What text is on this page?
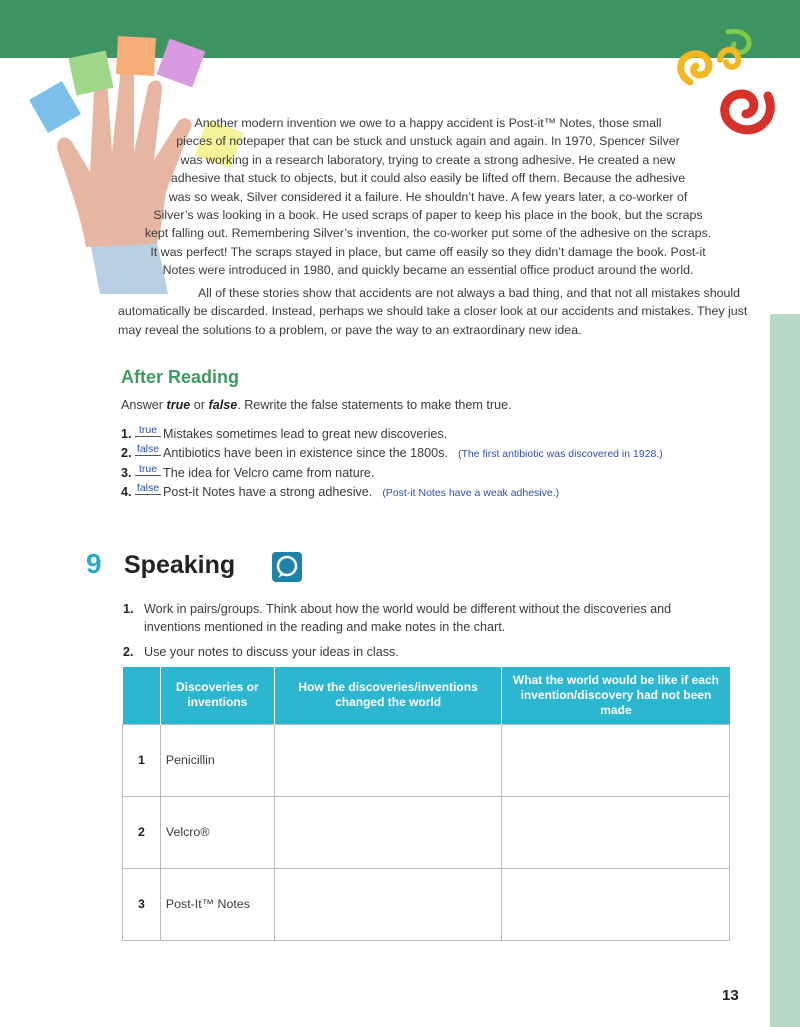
Another modern invention we owe to a happy accident is Post-it™ Notes, those small
pieces of notepaper that can be stuck and unstuck again and again. In 1970, Spencer Silver
was working in a research laboratory, trying to create a strong adhesive. He created a new
adhesive that stuck to objects, but it could also easily be lifted off them. Because the adhesive
was so weak, Silver considered it a failure. He shouldn’t have. A few years later, a co-worker of
Silver’s was looking in a book. He used scraps of paper to keep his place in the book, but the scraps
kept falling out. Remembering Silver’s invention, the co-worker put some of the adhesive on the scraps.
It was perfect! The scraps stayed in place, but came off easily so they didn’t damage the book. Post-it
Notes were introduced in 1980, and quickly became an essential office product around the world.

All of these stories show that accidents are not always a bad thing, and that not all mistakes should automatically be discarded. Instead, perhaps we should take a closer look at our accidents and mistakes. They just may reveal the solutions to a problem, or pave the way to an extraordinary new idea.
After Reading
Answer true or false. Rewrite the false statements to make them true.
1. true Mistakes sometimes lead to great new discoveries.
2. false Antibiotics have been in existence since the 1800s. (The first antibiotic was discovered in 1928.)
3. true The idea for Velcro came from nature.
4. false Post-it Notes have a strong adhesive. (Post-it Notes have a weak adhesive.)
9 Speaking
1. Work in pairs/groups. Think about how the world would be different without the discoveries and inventions mentioned in the reading and make notes in the chart.
2. Use your notes to discuss your ideas in class.
	Discoveries or inventions	How the discoveries/inventions changed the world	What the world would be like if each invention/discovery had not been made
1	Penicillin		
2	Velcro®		
3	Post-It™ Notes		
13
